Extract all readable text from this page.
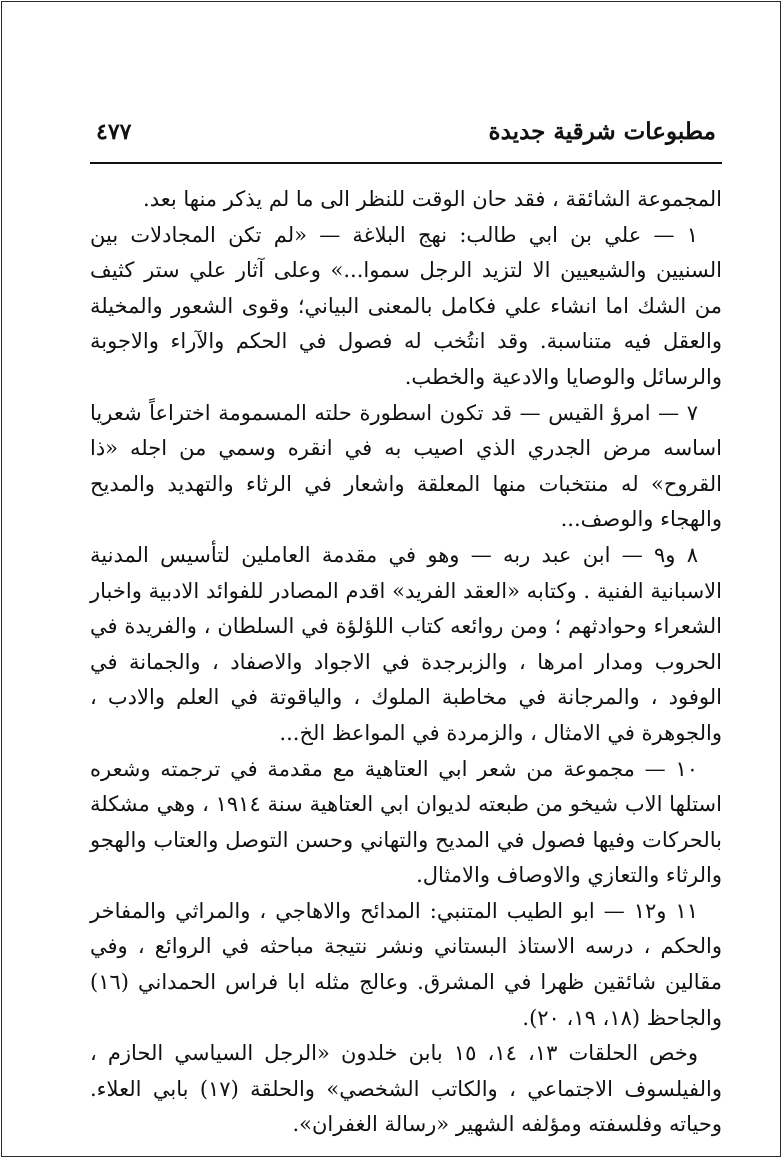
مطبوعات شرقية جديدة
٤٧٧

المجموعة الشائقة ، فقد حان الوقت للنظر الى ما لم يذكر منها بعد.

١ — علي بن ابي طالب: نهج البلاغة — «لم تكن المجادلات بين السنيين والشيعيين الا لتزيد الرجل سموا...» وعلى آثار علي ستر كثيف من الشك اما انشاء علي فكامل بالمعنى البياني؛ وقوى الشعور والمخيلة والعقل فيه متناسبة. وقد انتُخب له فصول في الحكم والآراء والاجوبة والرسائل والوصايا والادعية والخطب.

٧ — امرؤ القيس — قد تكون اسطورة حلته المسمومة اختراعاً شعريا اساسه مرض الجدري الذي اصيب به في انقره وسمي من اجله «ذا القروح» له منتخبات منها المعلقة واشعار في الرثاء والتهديد والمديح والهجاء والوصف...

٨ و٩ — ابن عبد ربه — وهو في مقدمة العاملين لتأسيس المدنية الاسبانية الفنية . وكتابه «العقد الفريد» اقدم المصادر للفوائد الادبية واخبار الشعراء وحوادثهم ؛ ومن روائعه كتاب اللؤلؤة في السلطان ، والفريدة في الحروب ومدار امرها ، والزبرجدة في الاجواد والاصفاد ، والجمانة في الوفود ، والمرجانة في مخاطبة الملوك ، والياقوتة في العلم والادب ، والجوهرة في الامثال ، والزمردة في المواعظ الخ...

١٠ — مجموعة من شعر ابي العتاهية مع مقدمة في ترجمته وشعره استلها الاب شيخو من طبعته لديوان ابي العتاهية سنة ١٩١٤ ، وهي مشكلة بالحركات وفيها فصول في المديح والتهاني وحسن التوصل والعتاب والهجو والرثاء والتعازي والاوصاف والامثال.

١١ و١٢ — ابو الطيب المتنبي: المدائح والاهاجي ، والمراثي والمفاخر والحكم ، درسه الاستاذ البستاني ونشر نتيجة مباحثه في الروائع ، وفي مقالين شائقين ظهرا في المشرق. وعالج مثله ابا فراس الحمداني (١٦) والجاحظ (١٨، ١٩، ٢٠).

وخص الحلقات ١٣، ١٤، ١٥ بابن خلدون «الرجل السياسي الحازم ، والفيلسوف الاجتماعي ، والكاتب الشخصي» والحلقة (١٧) بابي العلاء. وحياته وفلسفته ومؤلفه الشهير «رسالة الغفران».
